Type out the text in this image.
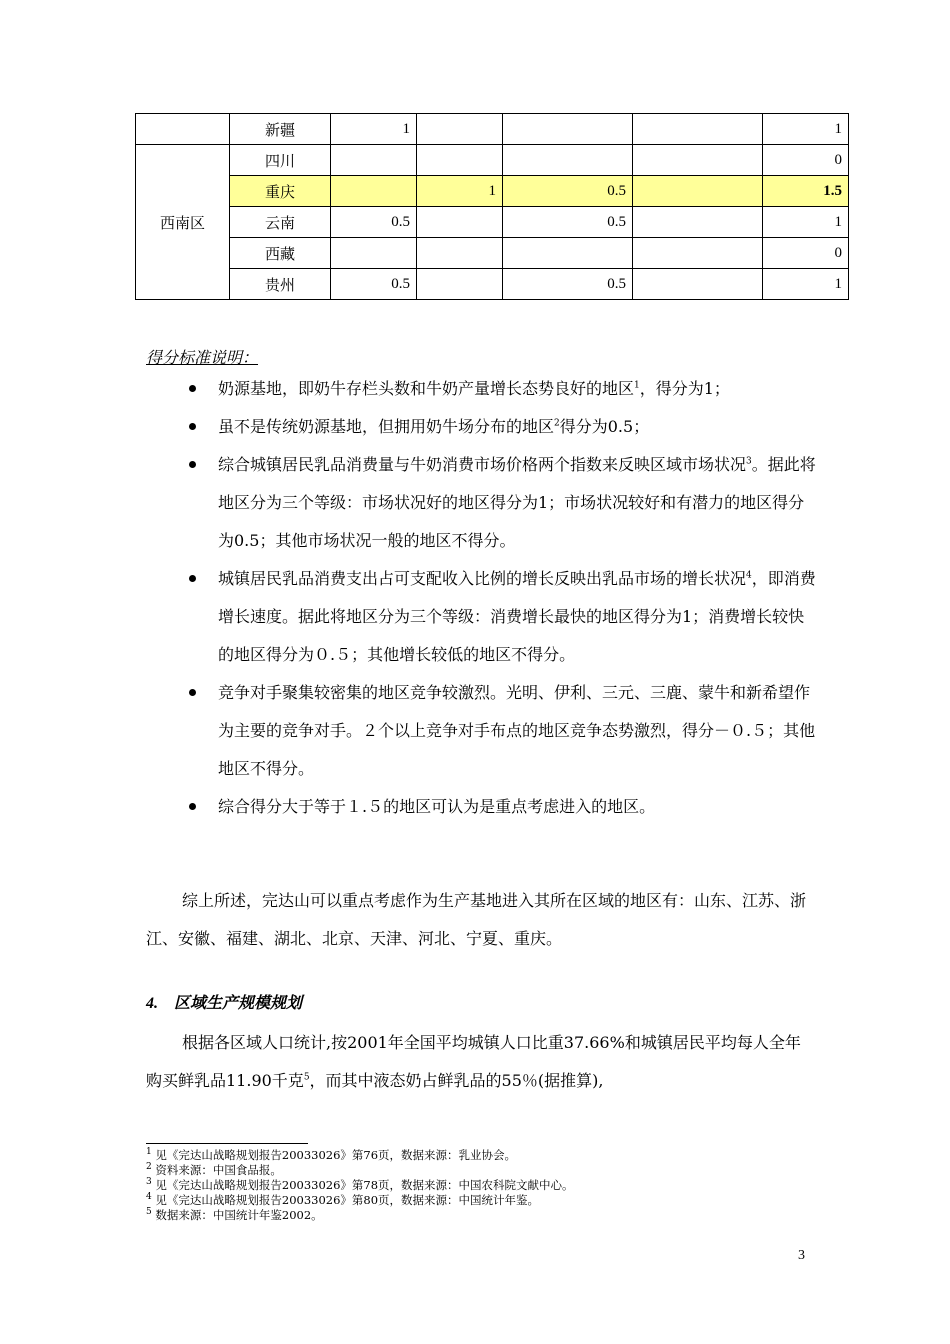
	新疆	1				1
西南区	四川					0
	重庆		1	0.5		1.5
	云南	0.5		0.5		1
	西藏					0
	贵州	0.5		0.5		1
得分标准说明：
奶源基地，即奶牛存栏头数和牛奶产量增长态势良好的地区$^1$，得分为1；
虽不是传统奶源基地，但拥用奶牛场分布的地区$^2$得分为0.5；
综合城镇居民乳品消费量与牛奶消费市场价格两个指数来反映区域市场状况$^3$。据此将地区分为三个等级：市场状况好的地区得分为1；市场状况较好和有潜力的地区得分为0.5；其他市场状况一般的地区不得分。
城镇居民乳品消费支出占可支配收入比例的增长反映出乳品市场的增长状况$^4$，即消费增长速度。据此将地区分为三个等级：消费增长最快的地区得分为1；消费增长较快的地区得分为０.５；其他增长较低的地区不得分。
竞争对手聚集较密集的地区竞争较激烈。光明、伊利、三元、三鹿、蒙牛和新希望作为主要的竞争对手。２个以上竞争对手布点的地区竞争态势激烈，得分－０.５；其他地区不得分。
综合得分大于等于１.５的地区可认为是重点考虑进入的地区。

综上所述，完达山可以重点考虑作为生产基地进入其所在区域的地区有：山东、江苏、浙江、安徽、福建、湖北、北京、天津、河北、宁夏、重庆。

4. 区域生产规模规划

根据各区域人口统计,按2001年全国平均城镇人口比重37.66%和城镇居民平均每人全年购买鲜乳品11.90千克$^5$，而其中液态奶占鲜乳品的55％(据推算),

$^1$ 见《完达山战略规划报告20033026》第76页，数据来源：乳业协会。
$^2$ 资料来源：中国食品报。
$^3$ 见《完达山战略规划报告20033026》第78页，数据来源：中国农科院文献中心。
$^4$ 见《完达山战略规划报告20033026》第80页，数据来源：中国统计年鉴。
$^5$ 数据来源：中国统计年鉴2002。
3
